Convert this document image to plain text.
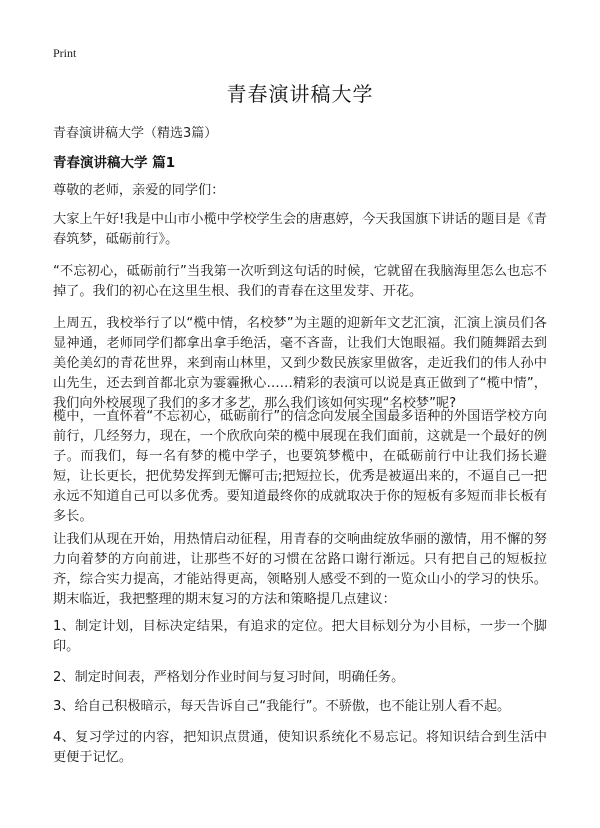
Print
青春演讲稿大学
青春演讲稿大学（精选3篇）
青春演讲稿大学 篇1
尊敬的老师，亲爱的同学们：
大家上午好!我是中山市小榄中学校学生会的唐惠婷，今天我国旗下讲话的题目是《青春筑梦，砥砺前行》。
“不忘初心，砥砺前行”当我第一次听到这句话的时候，它就留在我脑海里怎么也忘不掉了。我们的初心在这里生根、我们的青春在这里发芽、开花。
上周五，我校举行了以“榄中情，名校梦”为主题的迎新年文艺汇演，汇演上演员们各显神通，老师同学们都拿出拿手绝活，毫不吝啬，让我们大饱眼福。我们随舞蹈去到美伦美幻的青花世界，来到南山林里，又到少数民族家里做客，走近我们的伟人孙中山先生，还去到首都北京为霎霾揪心……精彩的表演可以说是真正做到了“榄中情”，我们向外校展现了我们的多才多艺，那么我们该如何实现“名校梦”呢?
榄中，一直怀着“不忘初心，砥砺前行”的信念向发展全国最多语种的外国语学校方向前行，几经努力，现在，一个欣欣向荣的榄中展现在我们面前，这就是一个最好的例子。而我们，每一名有梦的榄中学子，也要筑梦榄中，在砥砺前行中让我们扬长避短，让长更长，把优势发挥到无懈可击;把短拉长，优秀是被逼出来的，不逼自己一把永远不知道自己可以多优秀。要知道最终你的成就取决于你的短板有多短而非长板有多长。
让我们从现在开始，用热情启动征程，用青春的交响曲绽放华丽的激情，用不懈的努力向着梦的方向前进，让那些不好的习惯在岔路口谢行渐远。只有把自己的短板拉齐，综合实力提高，才能站得更高，领略别人感受不到的一览众山小的学习的快乐。期末临近，我把整理的期末复习的方法和策略提几点建议：
1、制定计划，目标决定结果，有追求的定位。把大目标划分为小目标，一步一个脚印。
2、制定时间表，严格划分作业时间与复习时间，明确任务。
3、给自己积极暗示，每天告诉自己“我能行”。不骄傲，也不能让别人看不起。
4、复习学过的内容，把知识点贯通，使知识系统化不易忘记。将知识结合到生活中更便于记忆。
